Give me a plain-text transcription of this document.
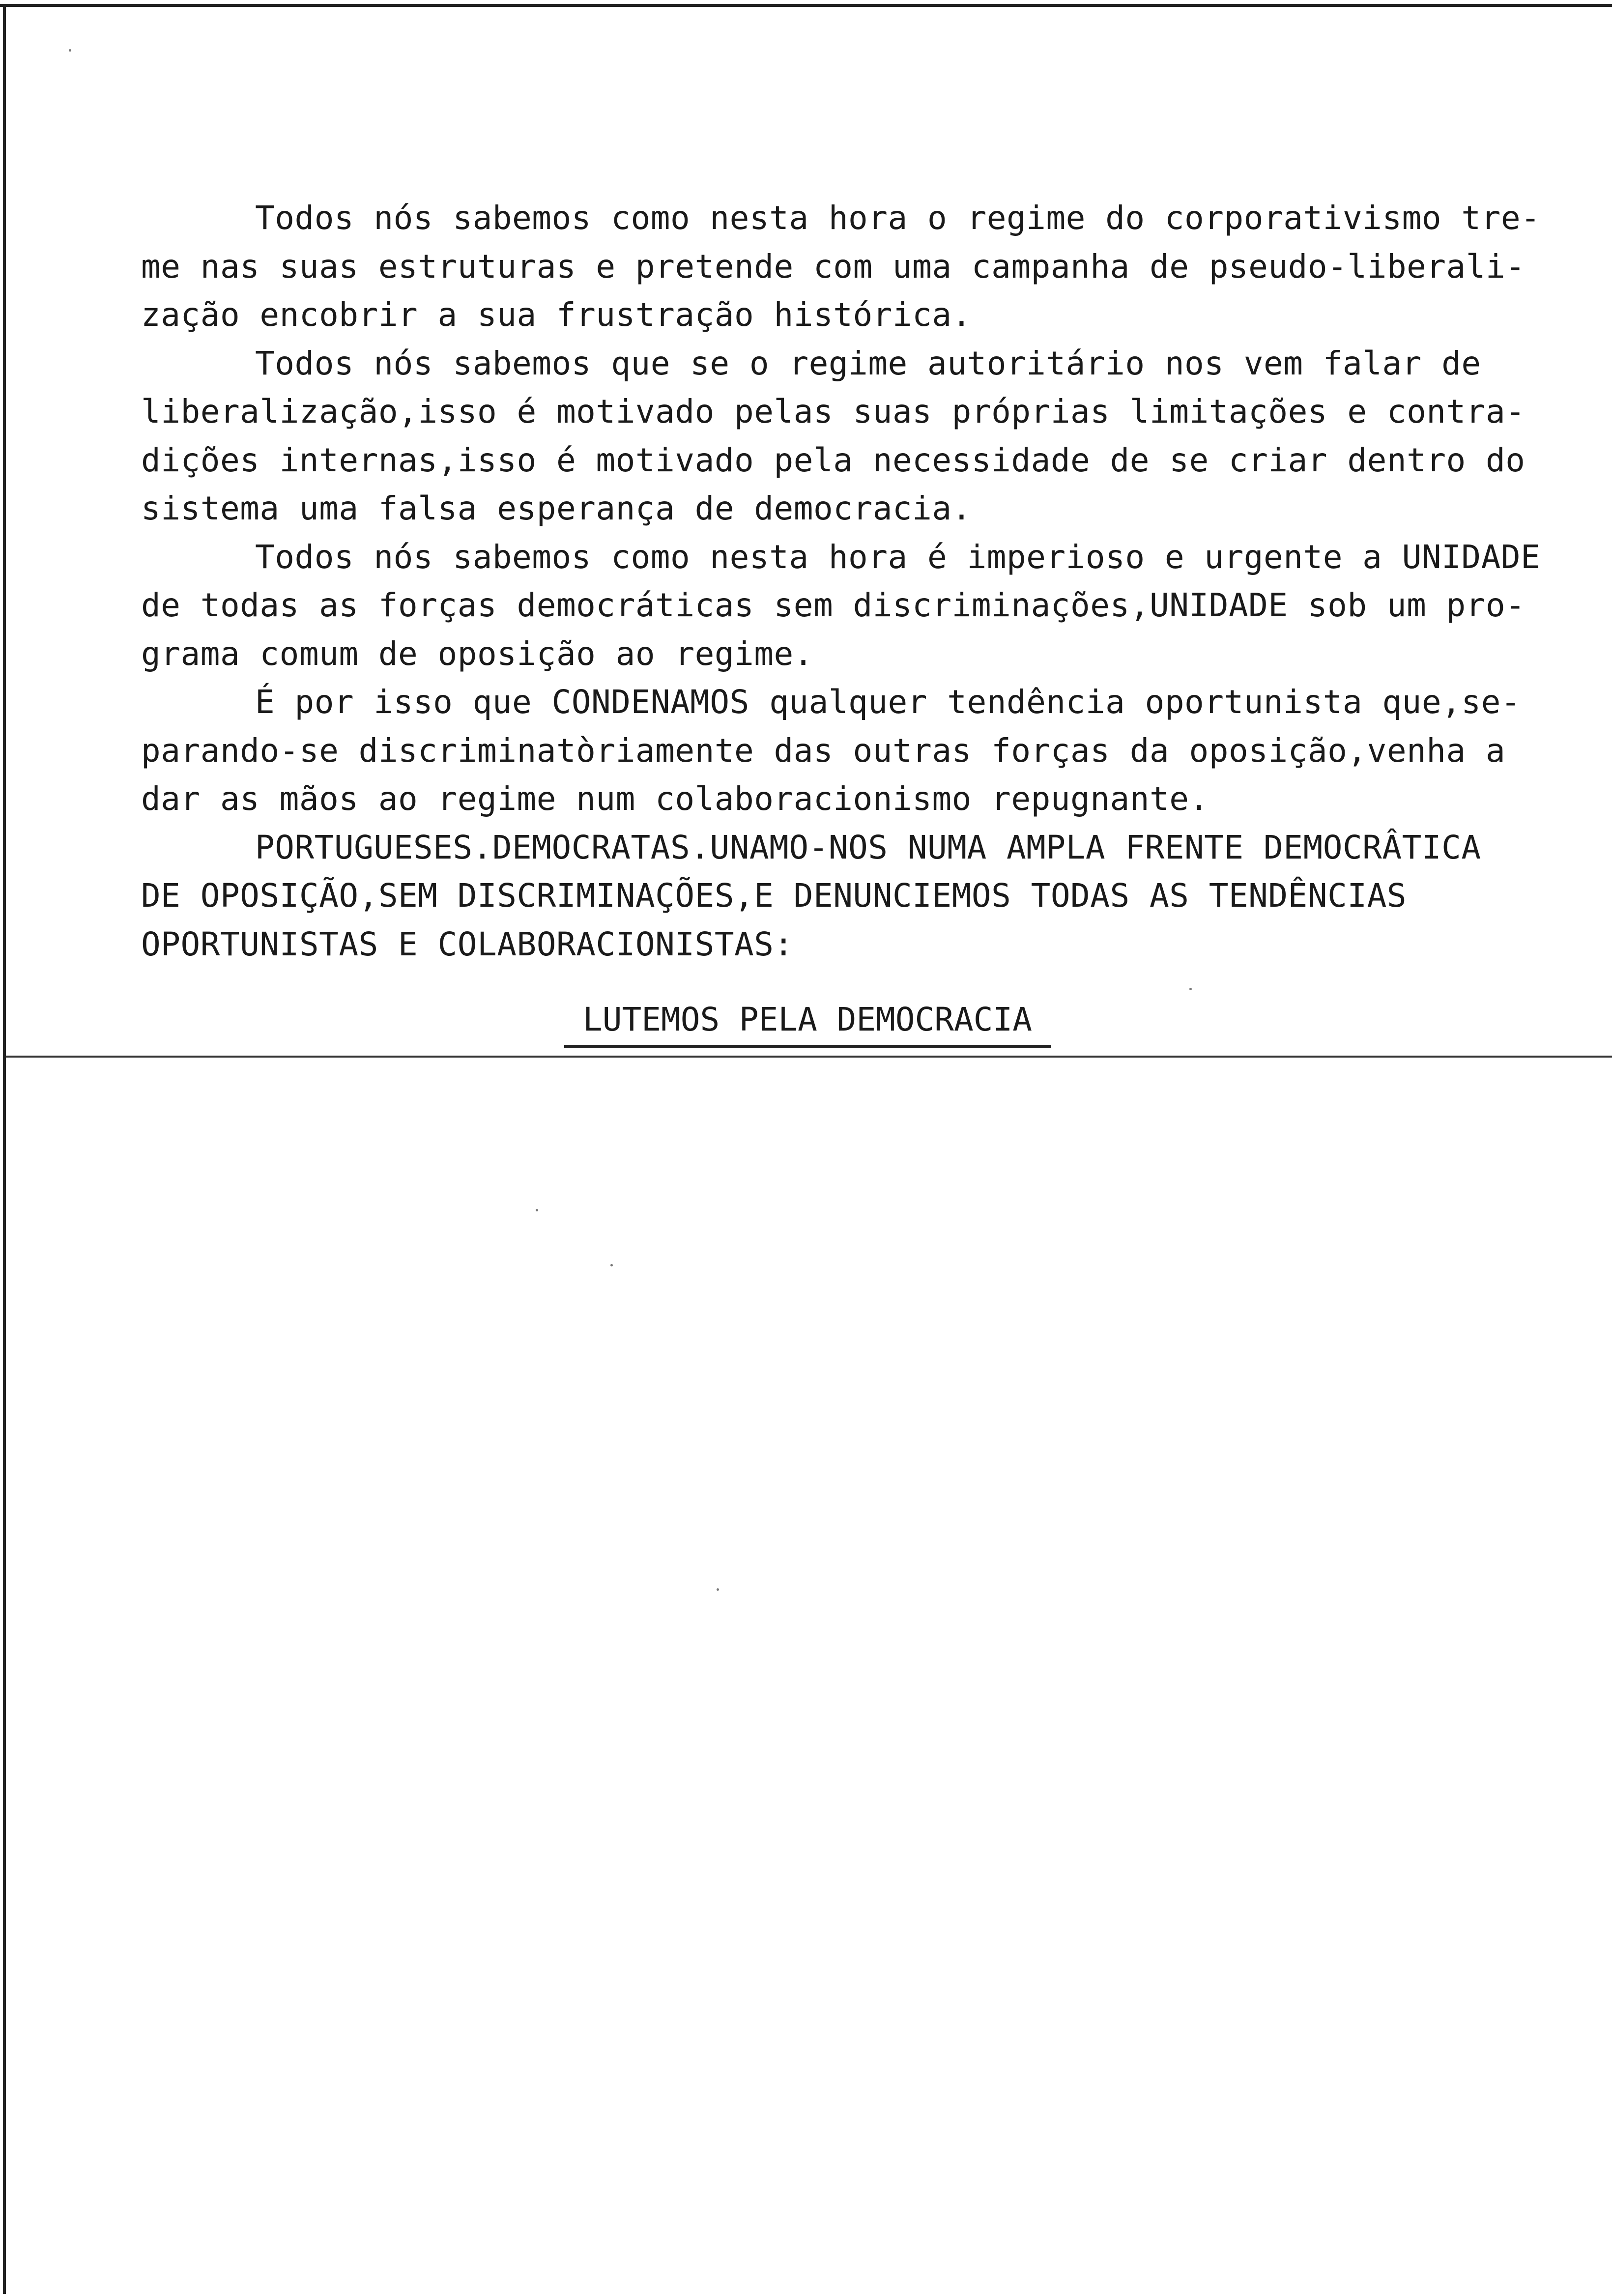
Todos nós sabemos como nesta hora o regime do corporativismo tre-
me nas suas estruturas e pretende com uma campanha de pseudo-liberali-
zação encobrir a sua frustração histórica.
Todos nós sabemos que se o regime autoritário nos vem falar de
liberalização,isso é motivado pelas suas próprias limitações e contra-
dições internas,isso é motivado pela necessidade de se criar dentro do
sistema uma falsa esperança de democracia.
Todos nós sabemos como nesta hora é imperioso e urgente a UNIDADE
de todas as forças democráticas sem discriminações,UNIDADE sob um pro-
grama comum de oposição ao regime.
É por isso que CONDENAMOS qualquer tendência oportunista que,se-
parando-se discriminatòriamente das outras forças da oposição,venha a
dar as mãos ao regime num colaboracionismo repugnante.
PORTUGUESES.DEMOCRATAS.UNAMO-NOS NUMA AMPLA FRENTE DEMOCRÂTICA
DE OPOSIÇÃO,SEM DISCRIMINAÇÕES,E DENUNCIEMOS TODAS AS TENDÊNCIAS
OPORTUNISTAS E COLABORACIONISTAS:
LUTEMOS PELA DEMOCRACIA
